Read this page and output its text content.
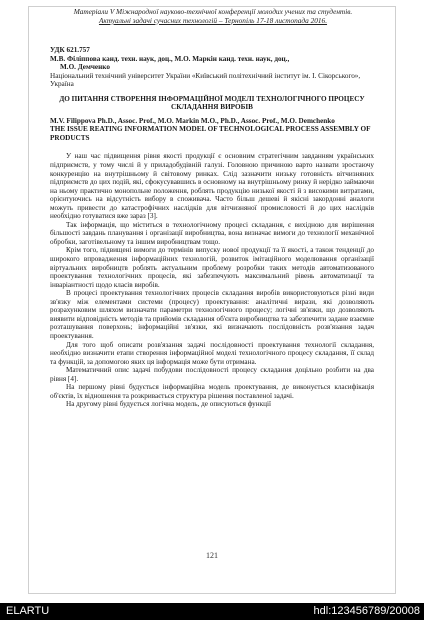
Матеріали V Міжнародної науково-технічної конференції молодих учених та студентів.
Актуальні задачі сучасних технологій – Тернопіль 17-18 листопада 2016.

УДК 621.757

М.В. Філіппова канд. техн. наук, доц., М.О. Маркін канд. техн. наук, доц.,
М.О. Демченко

Національний технічний університет України «Київський політехнічний інститут ім. І. Сікорського», Україна

ДО ПИТАННЯ СТВОРЕННЯ ІНФОРМАЦІЙНОЇ МОДЕЛІ ТЕХНОЛОГІЧНОГО ПРОЦЕСУ СКЛАДАННЯ ВИРОБІВ

M.V. Filippova Ph.D., Assoc. Prof., M.O. Markin M.O., Ph.D., Assoc. Prof., M.O. Demchenko

THE ISSUE REATING INFORMATION MODEL OF TECHNOLOGICAL PROCESS ASSEMBLY OF PRODUCTS

У наш час підвищення рівня якості продукції є основним стратегічним завданням українських підприємств, у тому числі й у приладобудівній галузі. Головною причиною варто назвати зростаючу конкуренцію на внутрішньому й світовому ринках. Слід зазначити низьку готовність вітчизняних підприємств до цих подій, які, сфокусувавшись в основному на внутрішньому ринку й нерідко займаючи на ньому практично монопольне положення, роблять продукцію низької якості й з високими витратами, орієнтуючись на відсутність вибору в споживача. Часто більш дешеві й якісні закордонні аналоги можуть привести до катастрофічних наслідків для вітчизняної промисловості й до цих наслідків необхідно готуватися вже зараз [3].

Так інформація, що міститься в технологічному процесі складання, є вихідною для вирішення більшості завдань планування і організації виробництва, вона визначає вимоги до технології механічної обробки, заготівельному та іншим виробництвам тощо.

Крім того, підвищені вимоги до термінів випуску нової продукції та її якості, а також тенденції до широкого впровадження інформаційних технологій, розвиток імітаційного моделювання організації віртуальних виробництв роблять актуальним проблему розробки таких методів автоматизованого проектування технологічних процесів, які забезпечують максимальний рівень автоматизації та інваріантності щодо класів виробів.

В процесі проектування технологічних процесів складання виробів використовуються різні види зв'язку між елементами системи (процесу) проектування: аналітичні вирази, які дозволяють розрахунковим шляхом визначати параметри технологічного процесу; логічні зв'язки, що дозволяють виявити відповідність методів та прийомів складання об'єкта виробництва та забезпечити задане взаємне розташування поверхонь; інформаційні зв'язки, які визначають послідовність розв'язання задач проектування.

Для того щоб описати розв'язання задачі послідовності проектування технології складання, необхідно визначити етапи створення інформаційної моделі технологічного процесу складання, її склад та функцій, за допомогою яких ця інформація може бути отримана.

Математичний опис задачі побудови послідовності процесу складання доцільно розбити на два рівня [4].

На першому рівні будується інформаційна модель проектування, де виконується класифікація об'єктів, їх відношення та розкривається структура рішення поставленої задачі.

На другому рівні будується логічна модель, де описуються функції

121
ELARTU	hdl:123456789/20008
